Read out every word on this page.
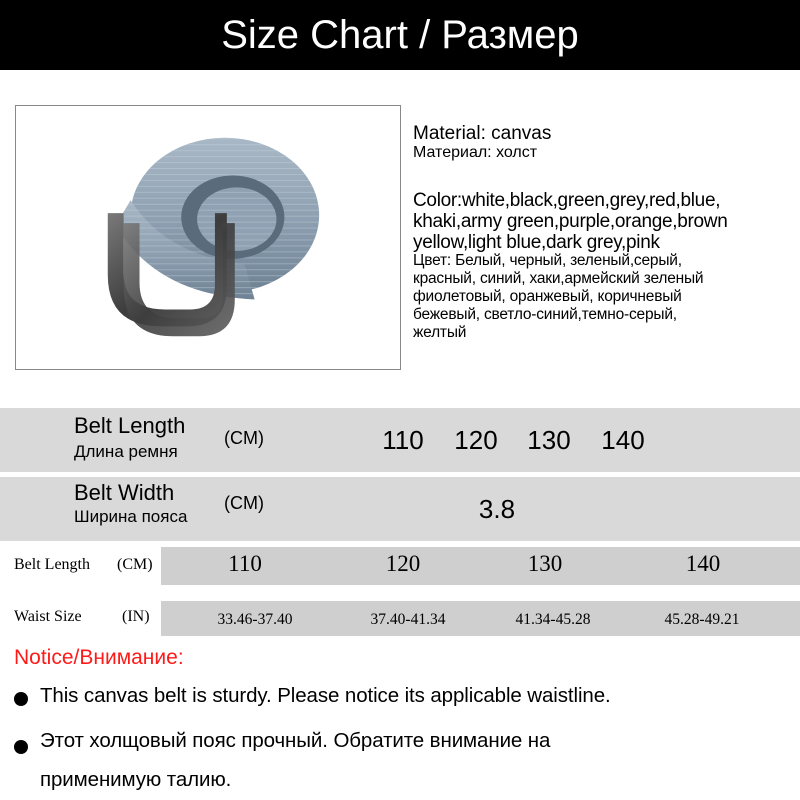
Size Chart / Размер
Material: canvas
Материал: холст
Color:white,black,green,grey,red,blue,
khaki,army green,purple,orange,brown
yellow,light blue,dark grey,pink
Цвет: Белый, черный, зеленый,серый,
красный, синий, хаки,армейский зеленый
фиолетовый, оранжевый, коричневый
бежевый, светло-синий,темно-серый,
желтый
Belt Length
Длина ремня
(CM)	110	120	130	140
Belt Width
Ширина пояса
(CM)	3.8
Belt Length (CM)	110	120	130	140
Waist Size	(IN)	33.46-37.40	37.40-41.34	41.34-45.28	45.28-49.21
Notice/Внимание:
This canvas belt is sturdy. Please notice its applicable waistline.
Этот холщовый пояс прочный. Обратите внимание на
применимую талию.
